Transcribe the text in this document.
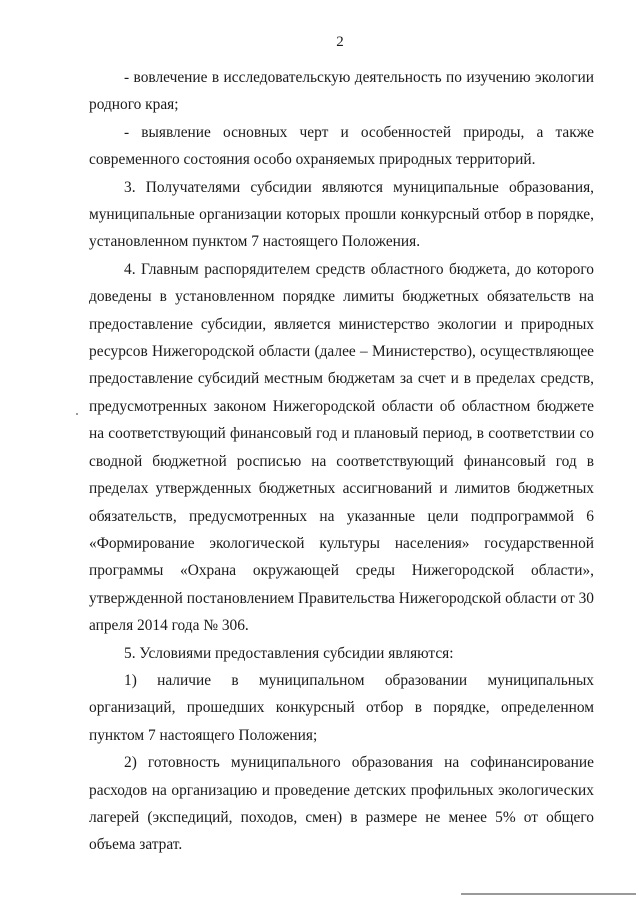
2

- вовлечение в исследовательскую деятельность по изучению экологии родного края;

- выявление основных черт и особенностей природы, а также современного состояния особо охраняемых природных территорий.

3. Получателями субсидии являются муниципальные образования, муниципальные организации которых прошли конкурсный отбор в порядке, установленном пунктом 7 настоящего Положения.

4. Главным распорядителем средств областного бюджета, до которого доведены в установленном порядке лимиты бюджетных обязательств на предоставление субсидии, является министерство экологии и природных ресурсов Нижегородской области (далее – Министерство), осуществляющее предоставление субсидий местным бюджетам за счет и в пределах средств, предусмотренных законом Нижегородской области об областном бюджете на соответствующий финансовый год и плановый период, в соответствии со сводной бюджетной росписью на соответствующий финансовый год в пределах утвержденных бюджетных ассигнований и лимитов бюджетных обязательств, предусмотренных на указанные цели подпрограммой 6 «Формирование экологической культуры населения» государственной программы «Охрана окружающей среды Нижегородской области», утвержденной постановлением Правительства Нижегородской области от 30 апреля 2014 года № 306.

5. Условиями предоставления субсидии являются:

1) наличие в муниципальном образовании муниципальных организаций, прошедших конкурсный отбор в порядке, определенном пунктом 7 настоящего Положения;

2) готовность муниципального образования на софинансирование расходов на организацию и проведение детских профильных экологических лагерей (экспедиций, походов, смен) в размере не менее 5% от общего объема затрат.
